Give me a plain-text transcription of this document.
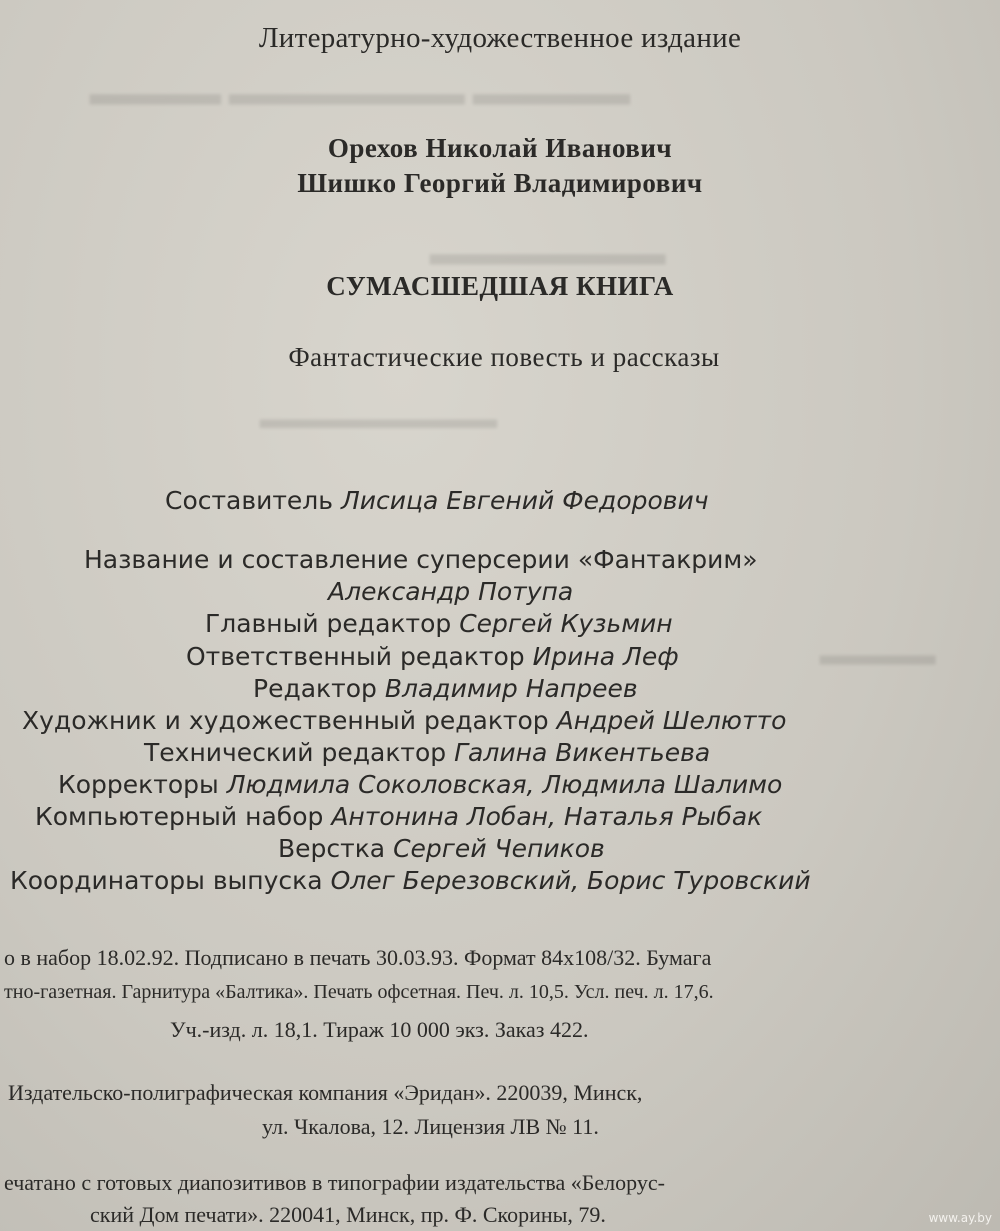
▂▂▂▂▂ ▂▂▂▂▂▂▂▂▂ ▂▂▂▂▂▂
▂▂▂▂▂▂▂▂▂
▂▂▂▂▂▂▂▂▂▂▂
▂▂▂▂▂
Литературно-художественное издание
Орехов Николай Иванович
Шишко Георгий Владимирович
СУМАСШЕДШАЯ КНИГА
Фантастические повесть и рассказы
Составитель Лисица Евгений Федорович
Название и составление суперсерии «Фантакрим»
Александр Потупа
Главный редактор Сергей Кузьмин
Ответственный редактор Ирина Леф
Редактор Владимир Напреев
Художник и художественный редактор Андрей Шелютто
Технический редактор Галина Викентьева
Корректоры Людмила Соколовская, Людмила Шалимо
Компьютерный набор Антонина Лобан, Наталья Рыбак
Верстка Сергей Чепиков
Координаторы выпуска Олег Березовский, Борис Туровский
о в набор 18.02.92. Подписано в печать 30.03.93. Формат 84х108/32. Бумага
тно-газетная. Гарнитура «Балтика». Печать офсетная. Печ. л. 10,5. Усл. печ. л. 17,6.
Уч.-изд. л. 18,1. Тираж 10 000 экз. Заказ 422.
Издательско-полиграфическая компания «Эридан». 220039, Минск,
ул. Чкалова, 12. Лицензия ЛВ № 11.
ечатано с готовых диапозитивов в типографии издательства «Белорус-
ский Дом печати». 220041, Минск, пр. Ф. Скорины, 79.	www.ay.by
